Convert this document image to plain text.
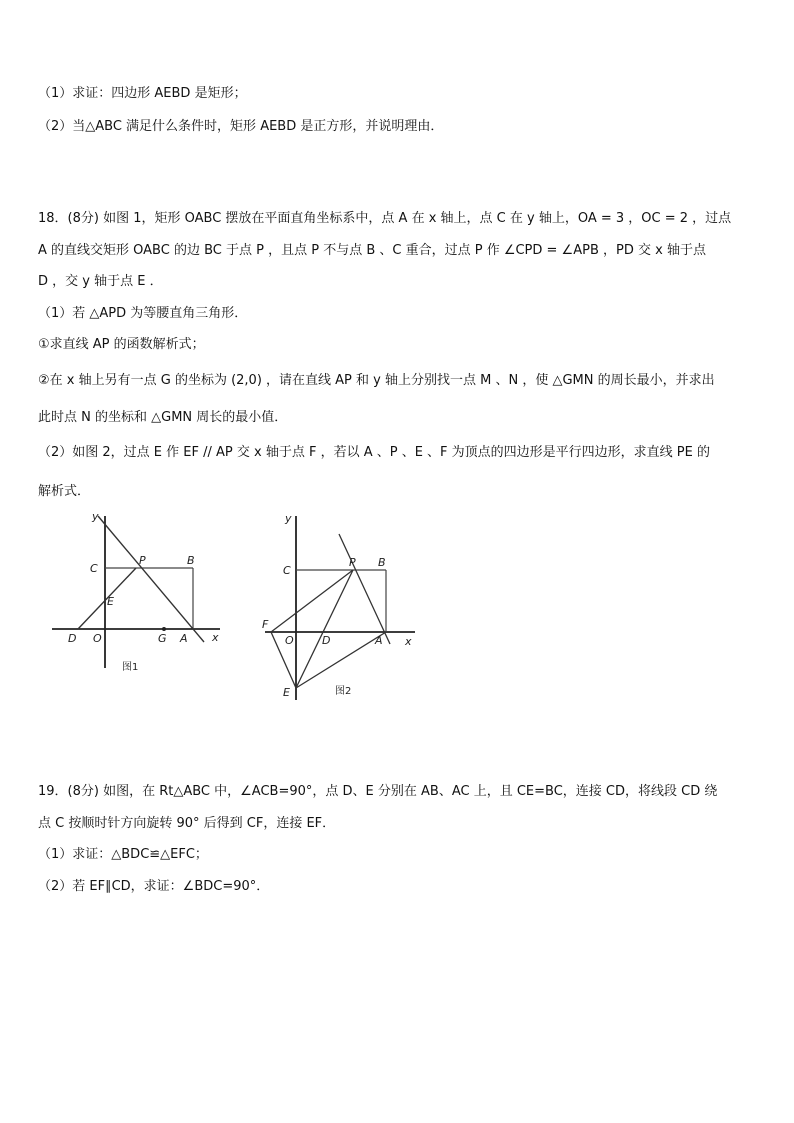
（1）求证：四边形 AEBD 是矩形；
（2）当△ABC 满足什么条件时，矩形 AEBD 是正方形，并说明理由．
18．(8分) 如图 1，矩形 OABC 摆放在平面直角坐标系中，点 A 在 x 轴上，点 C 在 y 轴上，OA = 3 ，OC = 2 ，过点
A 的直线交矩形 OABC 的边 BC 于点 P ，且点 P 不与点 B 、C 重合，过点 P 作 ∠CPD = ∠APB ，PD 交 x 轴于点
D ，交 y 轴于点 E ．
（1）若 △APD 为等腰直角三角形．
①求直线 AP 的函数解析式；
②在 x 轴上另有一点 G 的坐标为 (2,0) ，请在直线 AP 和 y 轴上分别找一点 M 、N ，使 △GMN 的周长最小，并求出
此时点 N 的坐标和 △GMN 周长的最小值．
（2）如图 2，过点 E 作 EF // AP 交 x 轴于点 F ，若以 A 、P 、E 、F 为顶点的四边形是平行四边形，求直线 PE 的
解析式．
y
x
C
P	B
E
D O	G A
图1
y
x
C
P B
F
O	D	A
E	图2
19．(8分) 如图，在 Rt△ABC 中，∠ACB=90°，点 D、E 分别在 AB、AC 上，且 CE=BC，连接 CD，将线段 CD 绕
点 C 按顺时针方向旋转 90° 后得到 CF，连接 EF．
（1）求证：△BDC≌△EFC；
（2）若 EF∥CD，求证：∠BDC=90°．
